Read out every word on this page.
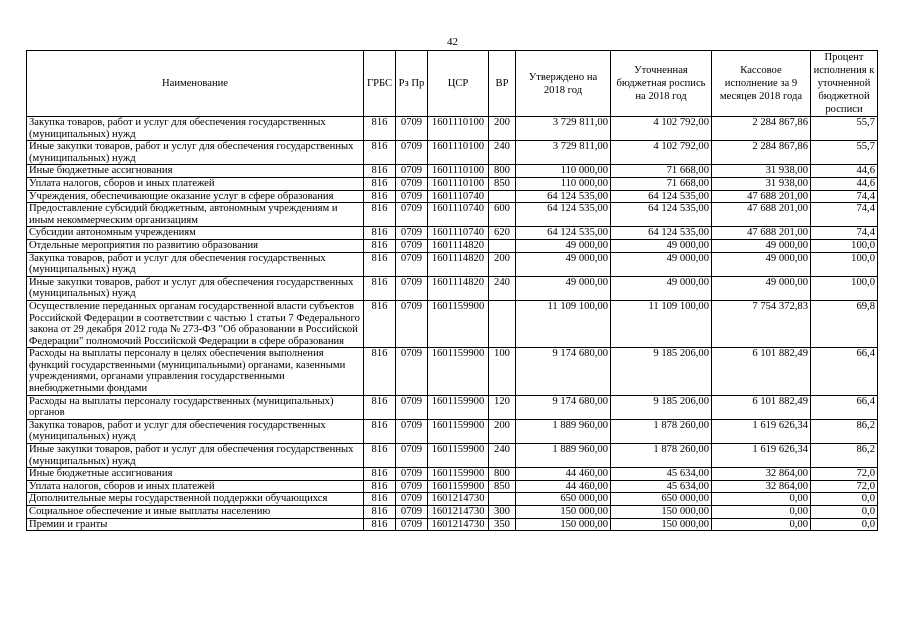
42
Наименование	ГРБС	Рз Пр	ЦСР	ВР	Утверждено на 2018 год	Уточненная бюджетная роспись на 2018 год	Кассовое исполнение за 9 месяцев 2018 года	Процент исполнения к уточненной бюджетной росписи
Закупка товаров, работ и услуг для обеспечения государственных (муниципальных) нужд	816	0709	1601110100	200	3 729 811,00	4 102 792,00	2 284 867,86	55,7
Иные закупки товаров, работ и услуг для обеспечения государственных (муниципальных) нужд	816	0709	1601110100	240	3 729 811,00	4 102 792,00	2 284 867,86	55,7
Иные бюджетные ассигнования	816	0709	1601110100	800	110 000,00	71 668,00	31 938,00	44,6
Уплата налогов, сборов и иных платежей	816	0709	1601110100	850	110 000,00	71 668,00	31 938,00	44,6
Учреждения, обеспечивающие оказание услуг в сфере образования	816	0709	1601110740		64 124 535,00	64 124 535,00	47 688 201,00	74,4
Предоставление субсидий бюджетным, автономным учреждениям и иным некоммерческим организациям	816	0709	1601110740	600	64 124 535,00	64 124 535,00	47 688 201,00	74,4
Субсидии автономным учреждениям	816	0709	1601110740	620	64 124 535,00	64 124 535,00	47 688 201,00	74,4
Отдельные мероприятия по развитию образования	816	0709	1601114820		49 000,00	49 000,00	49 000,00	100,0
Закупка товаров, работ и услуг для обеспечения государственных (муниципальных) нужд	816	0709	1601114820	200	49 000,00	49 000,00	49 000,00	100,0
Иные закупки товаров, работ и услуг для обеспечения государственных (муниципальных) нужд	816	0709	1601114820	240	49 000,00	49 000,00	49 000,00	100,0
Осуществление переданных органам государственной власти субъектов Российской Федерации в соответствии с частью 1 статьи 7 Федерального закона от 29 декабря 2012 года № 273-ФЗ "Об образовании в Российской Федерации" полномочий Российской Федерации в сфере образования	816	0709	1601159900		11 109 100,00	11 109 100,00	7 754 372,83	69,8
Расходы на выплаты персоналу в целях обеспечения выполнения функций государственными (муниципальными) органами, казенными учреждениями, органами управления государственными внебюджетными фондами	816	0709	1601159900	100	9 174 680,00	9 185 206,00	6 101 882,49	66,4
Расходы на выплаты персоналу государственных (муниципальных) органов	816	0709	1601159900	120	9 174 680,00	9 185 206,00	6 101 882,49	66,4
Закупка товаров, работ и услуг для обеспечения государственных (муниципальных) нужд	816	0709	1601159900	200	1 889 960,00	1 878 260,00	1 619 626,34	86,2
Иные закупки товаров, работ и услуг для обеспечения государственных (муниципальных) нужд	816	0709	1601159900	240	1 889 960,00	1 878 260,00	1 619 626,34	86,2
Иные бюджетные ассигнования	816	0709	1601159900	800	44 460,00	45 634,00	32 864,00	72,0
Уплата налогов, сборов и иных платежей	816	0709	1601159900	850	44 460,00	45 634,00	32 864,00	72,0
Дополнительные меры государственной поддержки обучающихся	816	0709	1601214730		650 000,00	650 000,00	0,00	0,0
Социальное обеспечение и иные выплаты населению	816	0709	1601214730	300	150 000,00	150 000,00	0,00	0,0
Премии и гранты	816	0709	1601214730	350	150 000,00	150 000,00	0,00	0,0
